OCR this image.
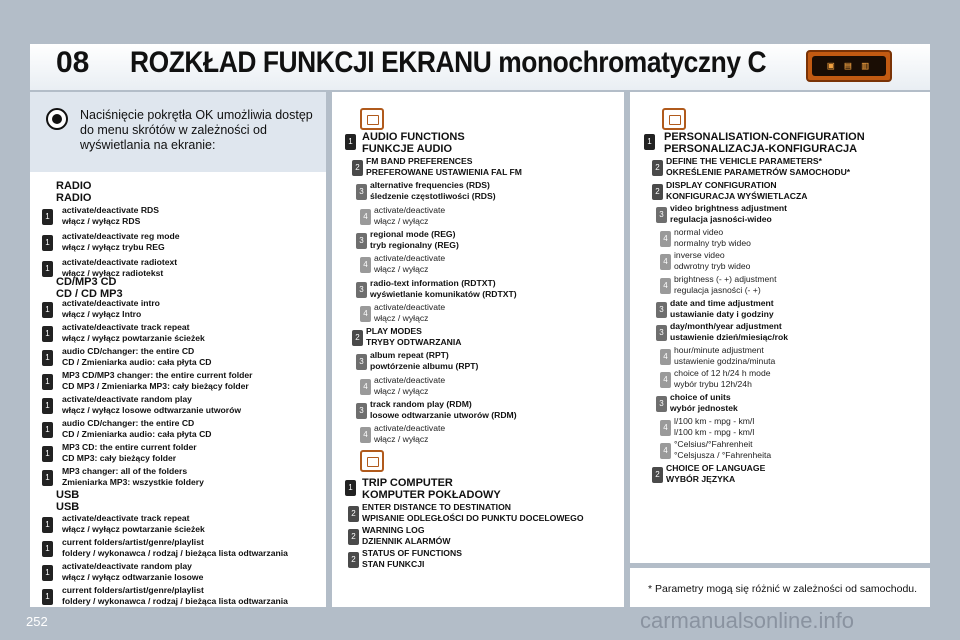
08 ROZKŁAD FUNKCJI EKRANU monochromatyczny C	▣ ▤ ▥
Naciśnięcie pokrętła OK umożliwia dostęp do menu skrótów w zależności od wyświetlania na ekranie:
RADIO
RADIO
1
activate/deactivate RDS
włącz / wyłącz RDS
1
activate/deactivate reg mode
włącz / wyłącz trybu REG
1
activate/deactivate radiotext
włącz / wyłącz radiotekst
CD/MP3 CD
CD / CD MP3
1
activate/deactivate intro
włącz / wyłącz Intro
1
activate/deactivate track repeat
włącz / wyłącz powtarzanie ścieżek
1
audio CD/changer: the entire CD
CD / Zmieniarka audio: cała płyta CD
1
MP3 CD/MP3 changer: the entire current folder
CD MP3 / Zmieniarka MP3: cały bieżący folder
1
activate/deactivate random play
włącz / wyłącz losowe odtwarzanie utworów
1
audio CD/changer: the entire CD
CD / Zmieniarka audio: cała płyta CD
1
MP3 CD: the entire current folder
CD MP3: cały bieżący folder
1
MP3 changer: all of the folders
Zmieniarka MP3: wszystkie foldery
USB
USB
1
activate/deactivate track repeat
włącz / wyłącz powtarzanie ścieżek
1
current folders/artist/genre/playlist
foldery / wykonawca / rodzaj / bieżąca lista odtwarzania
1
activate/deactivate random play
włącz / wyłącz odtwarzanie losowe
1
current folders/artist/genre/playlist
foldery / wykonawca / rodzaj / bieżąca lista odtwarzania
1 AUDIO FUNCTIONS
FUNKCJE AUDIO
2
FM BAND PREFERENCES
PREFEROWANE USTAWIENIA FAL FM
3
alternative frequencies (RDS)
śledzenie częstotliwości (RDS)
4
activate/deactivate
włącz / wyłącz
3
regional mode (REG)
tryb regionalny (REG)
4
activate/deactivate
włącz / wyłącz
3
radio-text information (RDTXT)
wyświetlanie komunikatów (RDTXT)
4
activate/deactivate
włącz / wyłącz
2
PLAY MODES
TRYBY ODTWARZANIA
3
album repeat (RPT)
powtórzenie albumu (RPT)
4
activate/deactivate
włącz / wyłącz
3
track random play (RDM)
losowe odtwarzanie utworów (RDM)
4
activate/deactivate
włącz / wyłącz
1 TRIP COMPUTER
KOMPUTER POKŁADOWY
2
ENTER DISTANCE TO DESTINATION
WPISANIE ODLEGŁOŚCI DO PUNKTU DOCELOWEGO
2
WARNING LOG
DZIENNIK ALARMÓW
2
STATUS OF FUNCTIONS
STAN FUNKCJI
1 PERSONALISATION-CONFIGURATION
PERSONALIZACJA-KONFIGURACJA
2
DEFINE THE VEHICLE PARAMETERS*
OKREŚLENIE PARAMETRÓW SAMOCHODU*
2
DISPLAY CONFIGURATION
KONFIGURACJA WYŚWIETLACZA
3
video brightness adjustment
regulacja jasności-wideo
4
normal video
normalny tryb wideo
4
inverse video
odwrotny tryb wideo
4
brightness (- +) adjustment
regulacja jasności (- +)
3
date and time adjustment
ustawianie daty i godziny
3
day/month/year adjustment
ustawienie dzień/miesiąc/rok
4
hour/minute adjustment
ustawienie godzina/minuta
4
choice of 12 h/24 h mode
wybór trybu 12h/24h
3
choice of units
wybór jednostek
4
l/100 km - mpg - km/l
l/100 km - mpg - km/l
4
°Celsius/°Fahrenheit
°Celsjusza / °Fahrenheita
2
CHOICE OF LANGUAGE
WYBÓR JĘZYKA
* Parametry mogą się różnić w zależności od samochodu.
252	carmanualsonline.info
